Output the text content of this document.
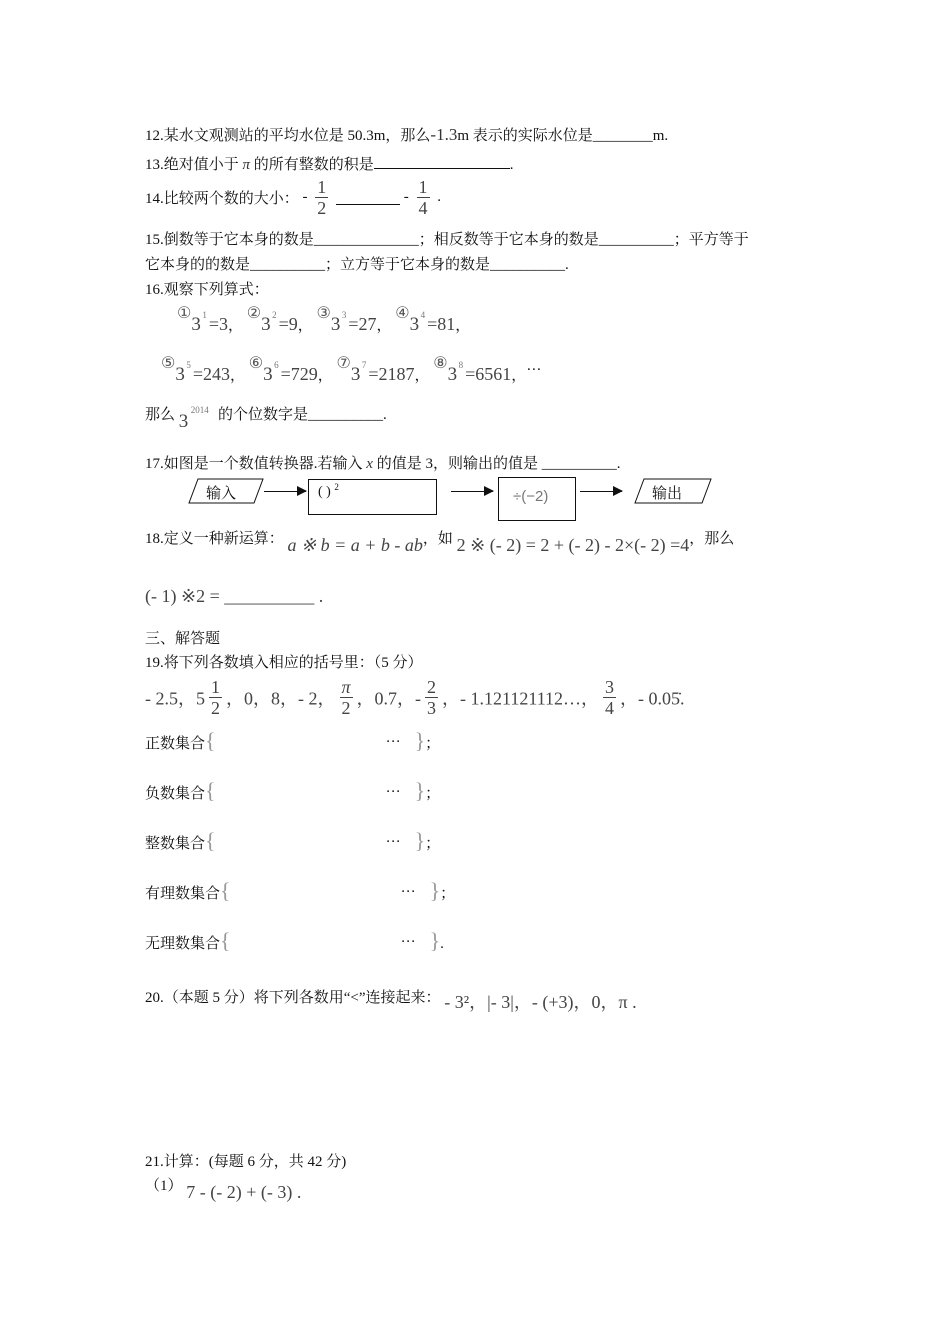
12.某水文观测站的平均水位是 50.3m，那么-1.3m 表示的实际水位是________m.
13.绝对值小于 π 的所有整数的积是	.
14.比较两个数的大小： - $\frac{1}{2}$	- $\frac{1}{4}$ .
15.倒数等于它本身的数是______________；相反数等于它本身的数是__________；平方等于
它本身的的数是__________；立方等于它本身的数是__________.
16.观察下列算式：
①3 1 =3， ②3 2 =9， ③3 3 =27， ④3 4 =81，
⑤3 5 =243， ⑥3 6 =729， ⑦3 7 =2187， ⑧3 8 =6561，…
那么 3
2014 的个位数字是__________.
17.如图是一个数值转换器.若输入 x 的值是 3，则输出的值是 __________.
输入	( ) $^2$
÷(−2)	输出
18.定义一种新运算： a ※ b = a + b - ab，如 2 ※ (- 2) = 2 + (- 2) - 2×(- 2) =4，那么
(- 1) ※2 = __________ .
三、解答题
19.将下列各数填入相应的括号里：（5 分）
- 2.5，$5 \frac{1}{2}$ ，0，8，- 2， $\frac{\pi}{2}$ ，0.7，- $\frac{2}{3}$ ，- 1.121121112…， $\frac{3}{4}$ ，- 0.05̇.
正数集合{	… }；
负数集合{	… }；
整数集合{	… }；
有理数集合{	… }；
无理数集合{	… }.
20.（本题 5 分）将下列各数用“<”连接起来： - 3²，|- 3|，- (+3)，0，π .
21.计算：(每题 6 分，共 42 分)
（1） 7 - (- 2) + (- 3) .
